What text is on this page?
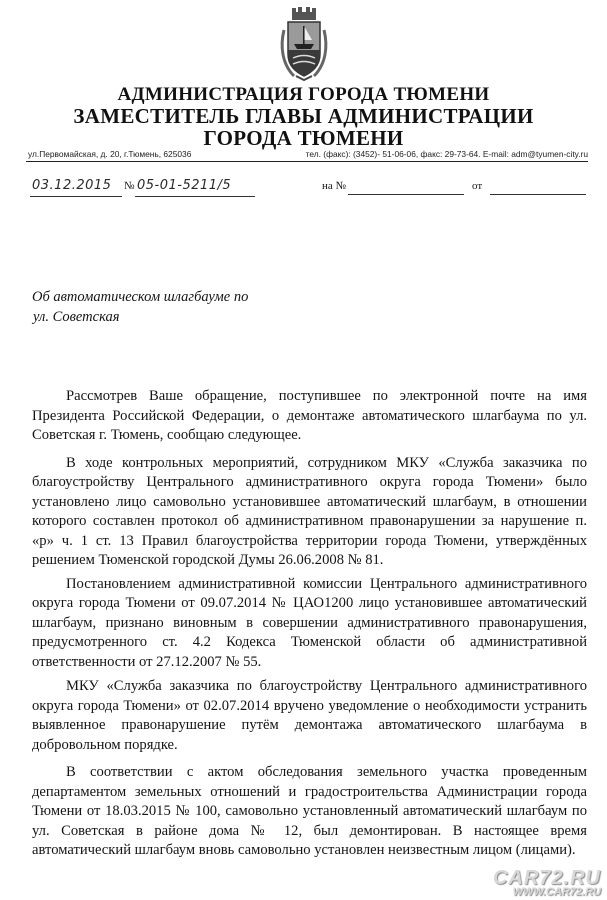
АДМИНИСТРАЦИЯ ГОРОДА ТЮМЕНИ
ЗАМЕСТИТЕЛЬ ГЛАВЫ АДМИНИСТРАЦИИ
ГОРОДА ТЮМЕНИ
ул.Первомайская, д. 20, г.Тюмень, 625036	тел. (факс): (3452)- 51-06-06, факс: 29-73-64. E-mail: adm@tyumen-city.ru
03.12.2015 № 05-01-5211/5	на №	от
Об автоматическом шлагбауме по
ул. Советская

Рассмотрев Ваше обращение, поступившее по электронной почте на имя Президента Российской Федерации, о демонтаже автоматического шлагбаума по ул. Советская г. Тюмень, сообщаю следующее.

В ходе контрольных мероприятий, сотрудником МКУ «Служба заказчика по благоустройству Центрального административного округа города Тюмени» было установлено лицо самовольно установившее автоматический шлагбаум, в отношении которого составлен протокол об административном правонарушении за нарушение п. «р» ч. 1 ст. 13 Правил благоустройства территории города Тюмени, утверждённых решением Тюменской городской Думы 26.06.2008 № 81.

Постановлением административной комиссии Центрального административного округа города Тюмени от 09.07.2014 № ЦАО1200 лицо установившее автоматический шлагбаум, признано виновным в совершении административного правонарушения, предусмотренного ст. 4.2 Кодекса Тюменской области об административной ответственности от 27.12.2007 № 55.

МКУ «Служба заказчика по благоустройству Центрального административного округа города Тюмени» от 02.07.2014 вручено уведомление о необходимости устранить выявленное правонарушение путём демонтажа автоматического шлагбаума в добровольном порядке.

В соответствии с актом обследования земельного участка проведенным департаментом земельных отношений и градостроительства Администрации города Тюмени от 18.03.2015 № 100, самовольно установленный автоматический шлагбаум по ул. Советская в районе дома № 12, был демонтирован. В настоящее время автоматический шлагбаум вновь самовольно установлен неизвестным лицом (лицами).

CAR72.RU
WWW.CAR72.RU
